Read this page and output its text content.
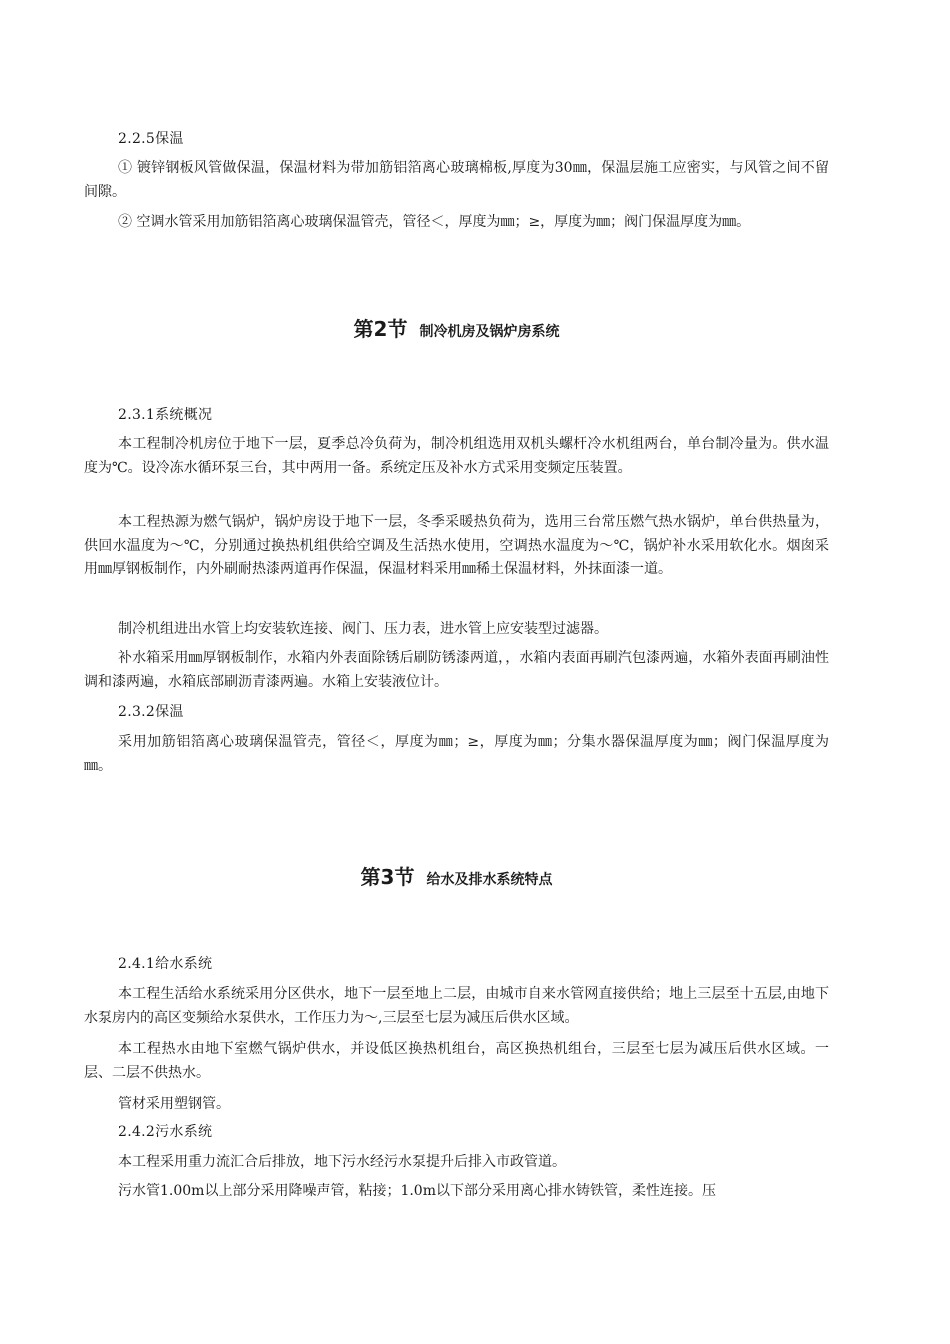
2.2.5保温
① 镀锌钢板风管做保温，保温材料为带加筋铝箔离心玻璃棉板,厚度为30㎜，保温层施工应密实，与风管之间不留间隙。
② 空调水管采用加筋铝箔离心玻璃保温管壳，管径＜，厚度为㎜；≥，厚度为㎜；阀门保温厚度为㎜。
第2节 制冷机房及锅炉房系统
2.3.1系统概况
本工程制冷机房位于地下一层，夏季总冷负荷为，制冷机组选用双机头螺杆冷水机组两台，单台制冷量为。供水温度为℃。设冷冻水循环泵三台，其中两用一备。系统定压及补水方式采用变频定压装置。
本工程热源为燃气锅炉，锅炉房设于地下一层，冬季采暖热负荷为，选用三台常压燃气热水锅炉，单台供热量为，供回水温度为～℃，分别通过换热机组供给空调及生活热水使用，空调热水温度为～℃，锅炉补水采用软化水。烟囱采用㎜厚钢板制作，内外刷耐热漆两道再作保温，保温材料采用㎜稀土保温材料，外抹面漆一道。
制冷机组进出水管上均安装软连接、阀门、压力表，进水管上应安装型过滤器。
补水箱采用㎜厚钢板制作，水箱内外表面除锈后刷防锈漆两道，，水箱内表面再刷汽包漆两遍，水箱外表面再刷油性调和漆两遍，水箱底部刷沥青漆两遍。水箱上安装液位计。
2.3.2保温
采用加筋铝箔离心玻璃保温管壳，管径＜，厚度为㎜；≥，厚度为㎜；分集水器保温厚度为㎜；阀门保温厚度为㎜。
第3节 给水及排水系统特点
2.4.1给水系统
本工程生活给水系统采用分区供水，地下一层至地上二层，由城市自来水管网直接供给；地上三层至十五层,由地下水泵房内的高区变频给水泵供水，工作压力为～,三层至七层为减压后供水区域。
本工程热水由地下室燃气锅炉供水，并设低区换热机组台，高区换热机组台，三层至七层为减压后供水区域。一层、二层不供热水。
管材采用塑钢管。
2.4.2污水系统
本工程采用重力流汇合后排放，地下污水经污水泵提升后排入市政管道。
污水管1.00m以上部分采用降噪声管，粘接；1.0m以下部分采用离心排水铸铁管，柔性连接。压
